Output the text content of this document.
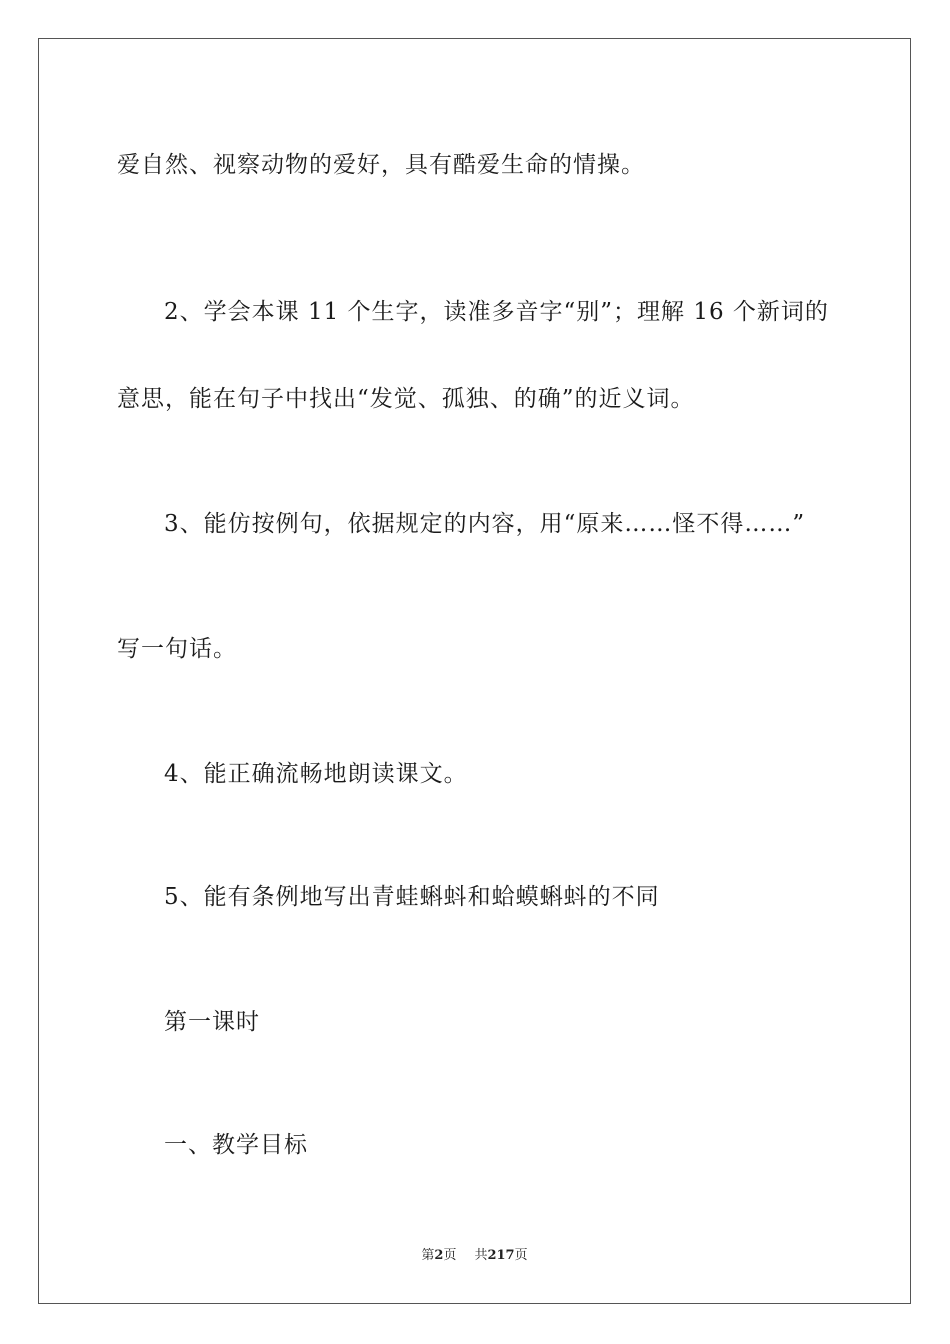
爱自然、视察动物的爱好，具有酷爱生命的情操。
2、学会本课 11 个生字，读准多音字“别”；理解 16 个新词的
意思，能在句子中找出“发觉、孤独、的确”的近义词。
3、能仿按例句，依据规定的内容，用“原来……怪不得……”
写一句话。
4、能正确流畅地朗读课文。
5、能有条例地写出青蛙蝌蚪和蛤蟆蝌蚪的不同
第一课时
一、教学目标
第2页 共217页
